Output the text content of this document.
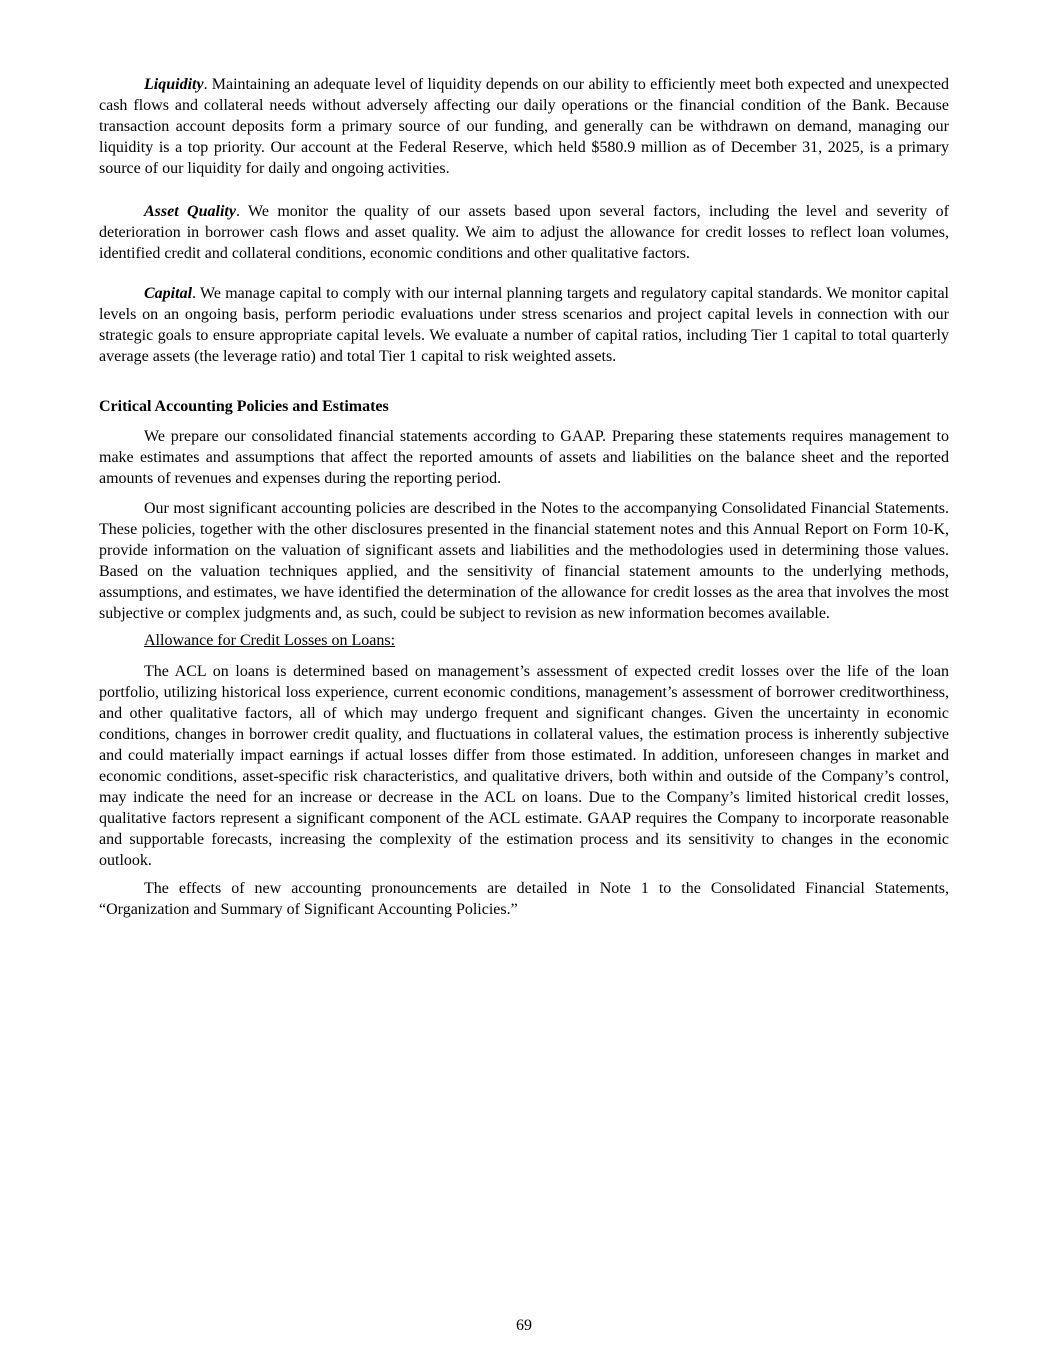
Liquidity. Maintaining an adequate level of liquidity depends on our ability to efficiently meet both expected and unexpected cash flows and collateral needs without adversely affecting our daily operations or the financial condition of the Bank. Because transaction account deposits form a primary source of our funding, and generally can be withdrawn on demand, managing our liquidity is a top priority. Our account at the Federal Reserve, which held $580.9 million as of December 31, 2025, is a primary source of our liquidity for daily and ongoing activities.

Asset Quality. We monitor the quality of our assets based upon several factors, including the level and severity of deterioration in borrower cash flows and asset quality. We aim to adjust the allowance for credit losses to reflect loan volumes, identified credit and collateral conditions, economic conditions and other qualitative factors.

Capital. We manage capital to comply with our internal planning targets and regulatory capital standards. We monitor capital levels on an ongoing basis, perform periodic evaluations under stress scenarios and project capital levels in connection with our strategic goals to ensure appropriate capital levels. We evaluate a number of capital ratios, including Tier 1 capital to total quarterly average assets (the leverage ratio) and total Tier 1 capital to risk weighted assets.

Critical Accounting Policies and Estimates

We prepare our consolidated financial statements according to GAAP. Preparing these statements requires management to make estimates and assumptions that affect the reported amounts of assets and liabilities on the balance sheet and the reported amounts of revenues and expenses during the reporting period.

Our most significant accounting policies are described in the Notes to the accompanying Consolidated Financial Statements. These policies, together with the other disclosures presented in the financial statement notes and this Annual Report on Form 10-K, provide information on the valuation of significant assets and liabilities and the methodologies used in determining those values. Based on the valuation techniques applied, and the sensitivity of financial statement amounts to the underlying methods, assumptions, and estimates, we have identified the determination of the allowance for credit losses as the area that involves the most subjective or complex judgments and, as such, could be subject to revision as new information becomes available.

Allowance for Credit Losses on Loans:

The ACL on loans is determined based on management’s assessment of expected credit losses over the life of the loan portfolio, utilizing historical loss experience, current economic conditions, management’s assessment of borrower creditworthiness, and other qualitative factors, all of which may undergo frequent and significant changes. Given the uncertainty in economic conditions, changes in borrower credit quality, and fluctuations in collateral values, the estimation process is inherently subjective and could materially impact earnings if actual losses differ from those estimated. In addition, unforeseen changes in market and economic conditions, asset-specific risk characteristics, and qualitative drivers, both within and outside of the Company’s control, may indicate the need for an increase or decrease in the ACL on loans. Due to the Company’s limited historical credit losses, qualitative factors represent a significant component of the ACL estimate. GAAP requires the Company to incorporate reasonable and supportable forecasts, increasing the complexity of the estimation process and its sensitivity to changes in the economic outlook.

The effects of new accounting pronouncements are detailed in Note 1 to the Consolidated Financial Statements, “Organization and Summary of Significant Accounting Policies.”

69
